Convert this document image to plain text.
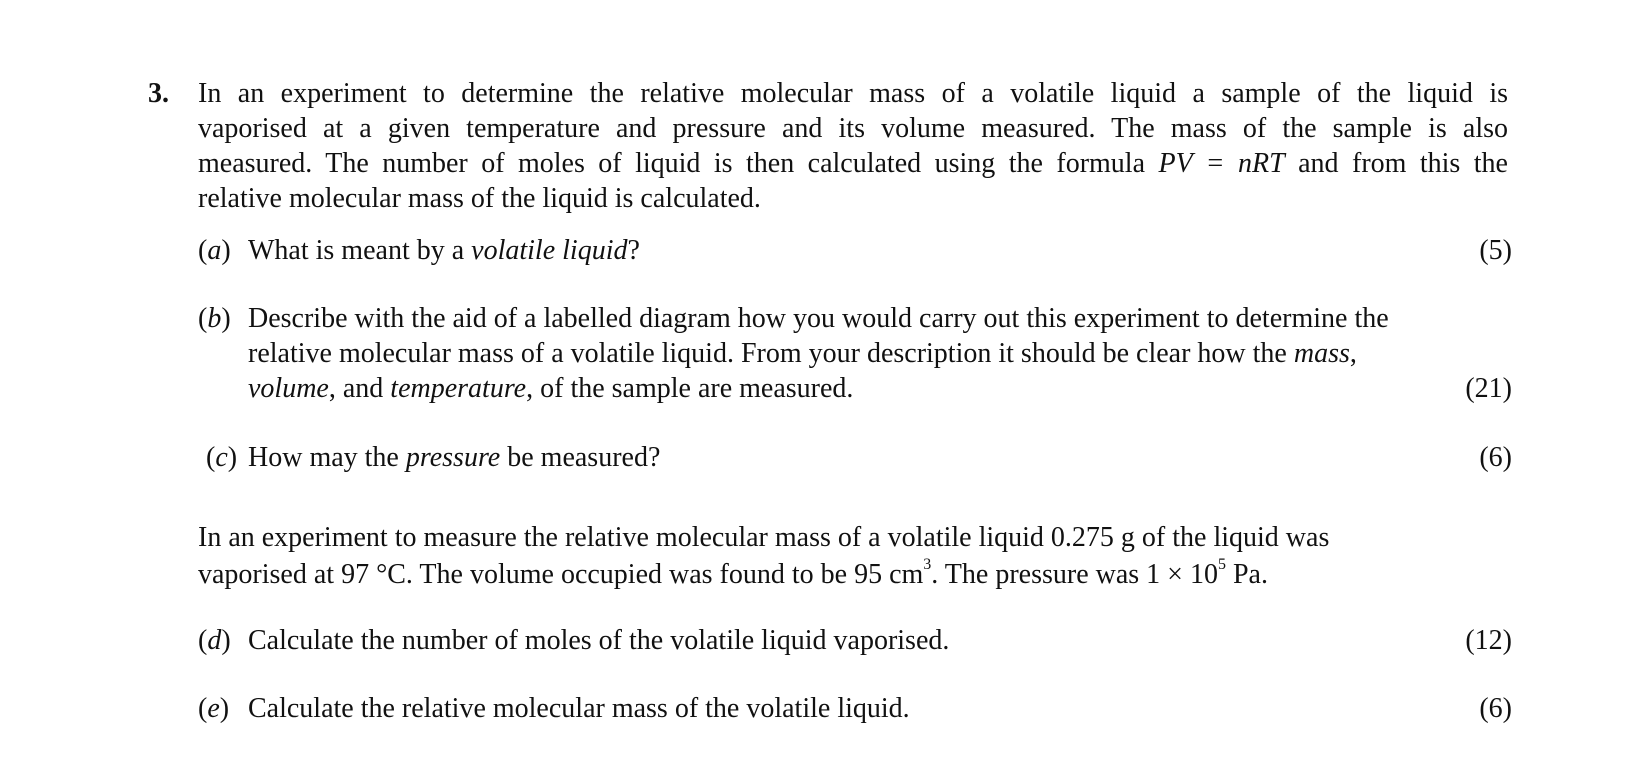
3. In an experiment to determine the relative molecular mass of a volatile liquid a sample of the liquid is
vaporised at a given temperature and pressure and its volume measured. The mass of the sample is also
measured. The number of moles of liquid is then calculated using the formula PV = nRT and from this the
relative molecular mass of the liquid is calculated.
(a) What is meant by a volatile liquid?	(5)
(b) Describe with the aid of a labelled diagram how you would carry out this experiment to determine the
relative molecular mass of a volatile liquid. From your description it should be clear how the mass,
volume, and temperature, of the sample are measured.	(21)
(c) How may the pressure be measured?	(6)
In an experiment to measure the relative molecular mass of a volatile liquid 0.275 g of the liquid was
vaporised at 97 °C. The volume occupied was found to be 95 $cm^3$. The pressure was $1 \times 10^5$ Pa.
(d) Calculate the number of moles of the volatile liquid vaporised.	(12)
(e) Calculate the relative molecular mass of the volatile liquid.	(6)
